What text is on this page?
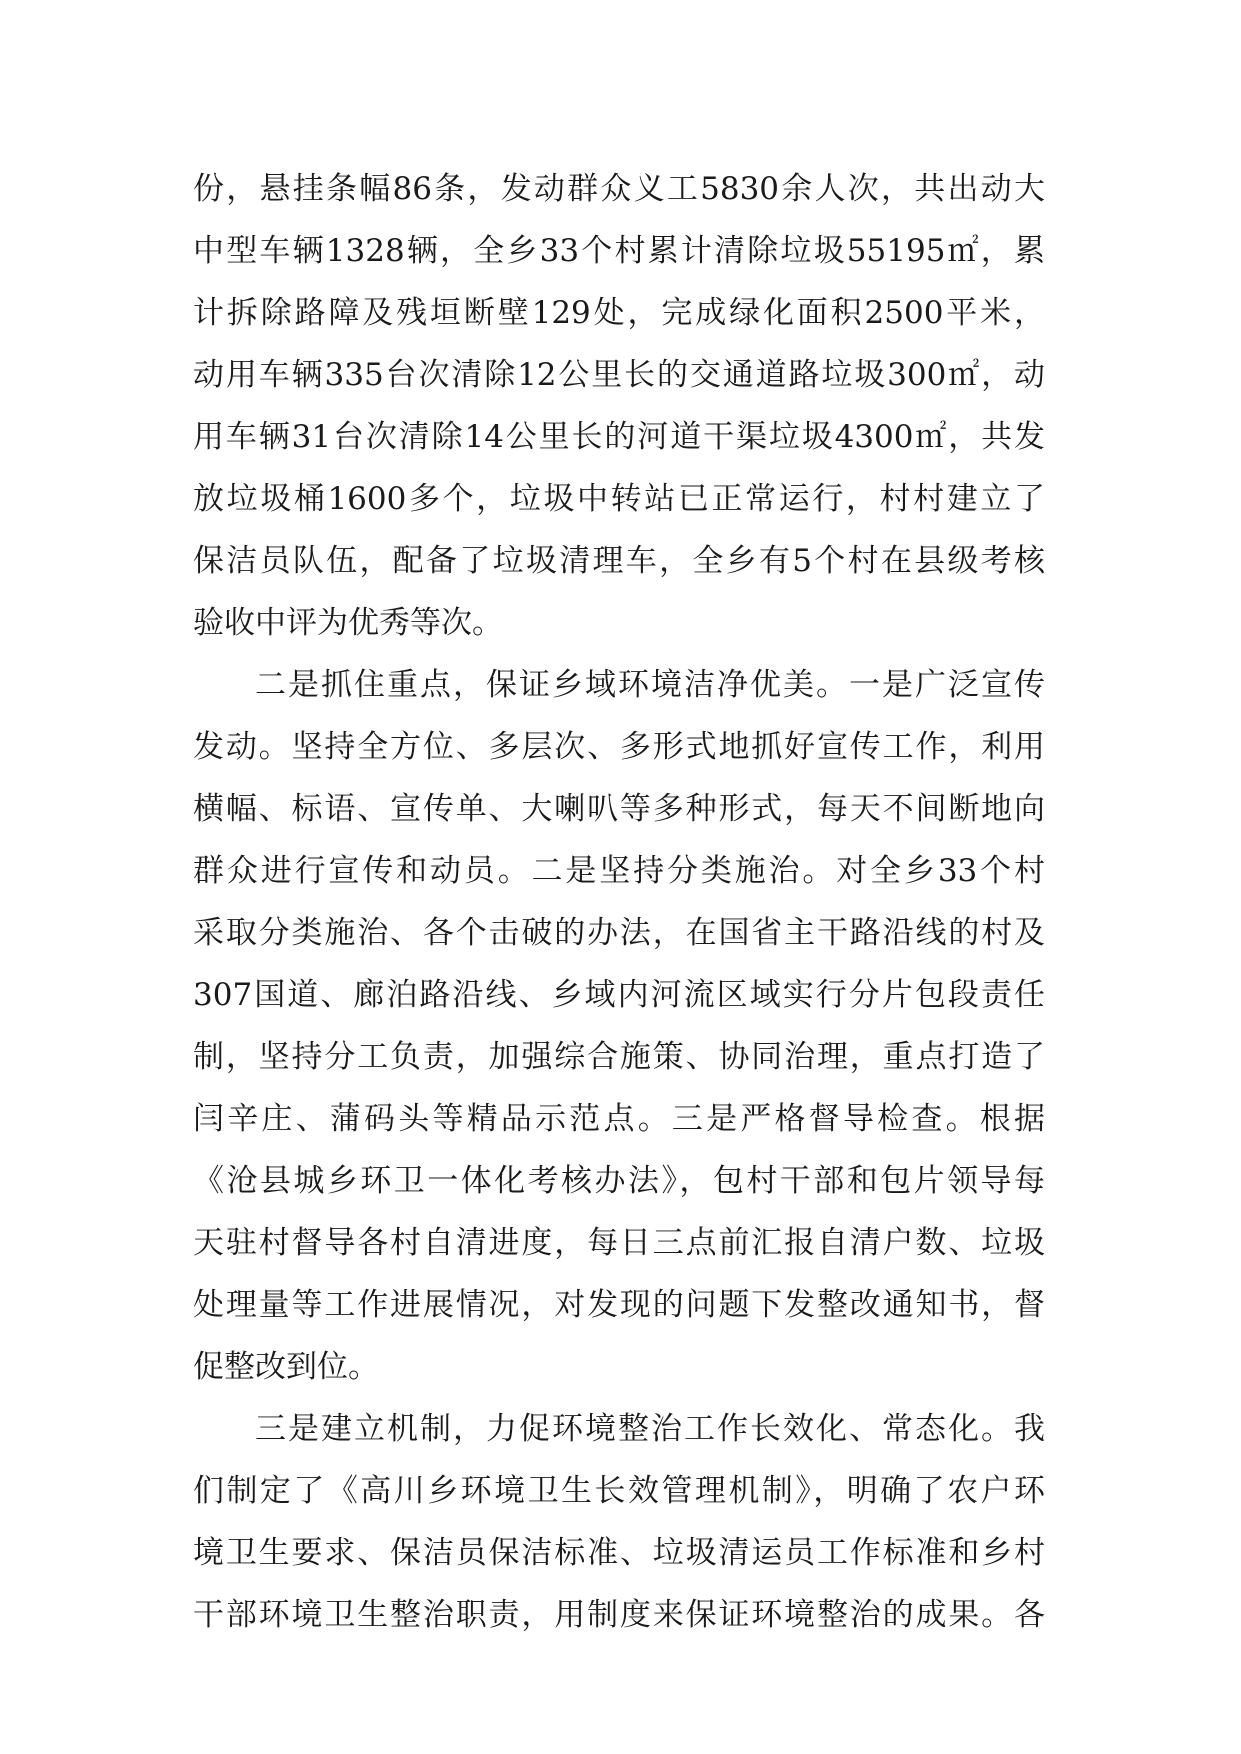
份，悬挂条幅86条，发动群众义工5830余人次，共出动大
中型车辆1328辆，全乡33个村累计清除垃圾55195㎡，累
计拆除路障及残垣断壁129处，完成绿化面积2500平米，
动用车辆335台次清除12公里长的交通道路垃圾300㎡，动
用车辆31台次清除14公里长的河道干渠垃圾4300㎡，共发
放垃圾桶1600多个，垃圾中转站已正常运行，村村建立了
保洁员队伍，配备了垃圾清理车，全乡有5个村在县级考核
验收中评为优秀等次。
二是抓住重点，保证乡域环境洁净优美。一是广泛宣传
发动。坚持全方位、多层次、多形式地抓好宣传工作，利用
横幅、标语、宣传单、大喇叭等多种形式，每天不间断地向
群众进行宣传和动员。二是坚持分类施治。对全乡33个村
采取分类施治、各个击破的办法，在国省主干路沿线的村及
307国道、廊泊路沿线、乡域内河流区域实行分片包段责任
制，坚持分工负责，加强综合施策、协同治理，重点打造了
闫辛庄、蒲码头等精品示范点。三是严格督导检查。根据
《沧县城乡环卫一体化考核办法》，包村干部和包片领导每
天驻村督导各村自清进度，每日三点前汇报自清户数、垃圾
处理量等工作进展情况，对发现的问题下发整改通知书，督
促整改到位。
三是建立机制，力促环境整治工作长效化、常态化。我
们制定了《高川乡环境卫生长效管理机制》，明确了农户环
境卫生要求、保洁员保洁标准、垃圾清运员工作标准和乡村
干部环境卫生整治职责，用制度来保证环境整治的成果。各
